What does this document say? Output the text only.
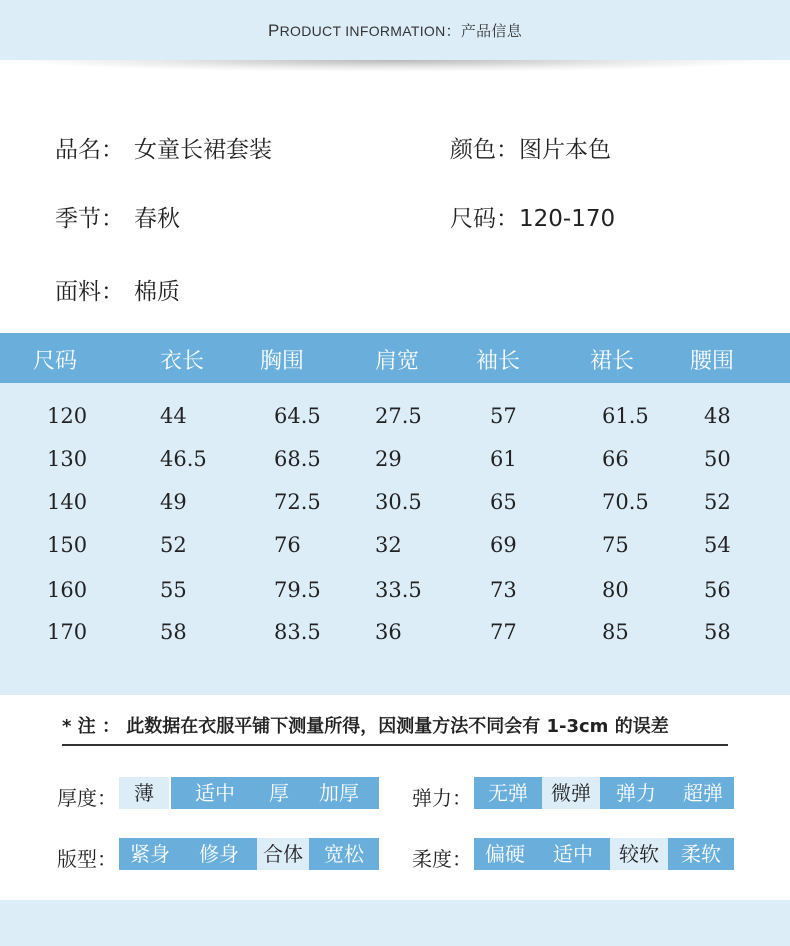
PRODUCT INFORMATION：产品信息
品名： 女童长裙套装	颜色：图片本色
季节： 春秋	尺码：120-170
面料： 棉质
尺码	衣长	胸围	肩宽	袖长	裙长	腰围
120	44	64.5	27.5	57	61.5	48
130	46.5	68.5	29	61	66	50
140	49	72.5	30.5	65	70.5	52
150	52	76	32	69	75	54
160	55	79.5	33.5	73	80	56
170	58	83.5	36	77	85	58
* 注 ： 此数据在衣服平铺下测量所得，因测量方法不同会有 1-3cm 的误差
厚度： 薄	适中	厚	加厚	弹力： 无弹	微弹	弹力	超弹
版型： 紧身	修身	合体	宽松	柔度： 偏硬	适中	较软	柔软
